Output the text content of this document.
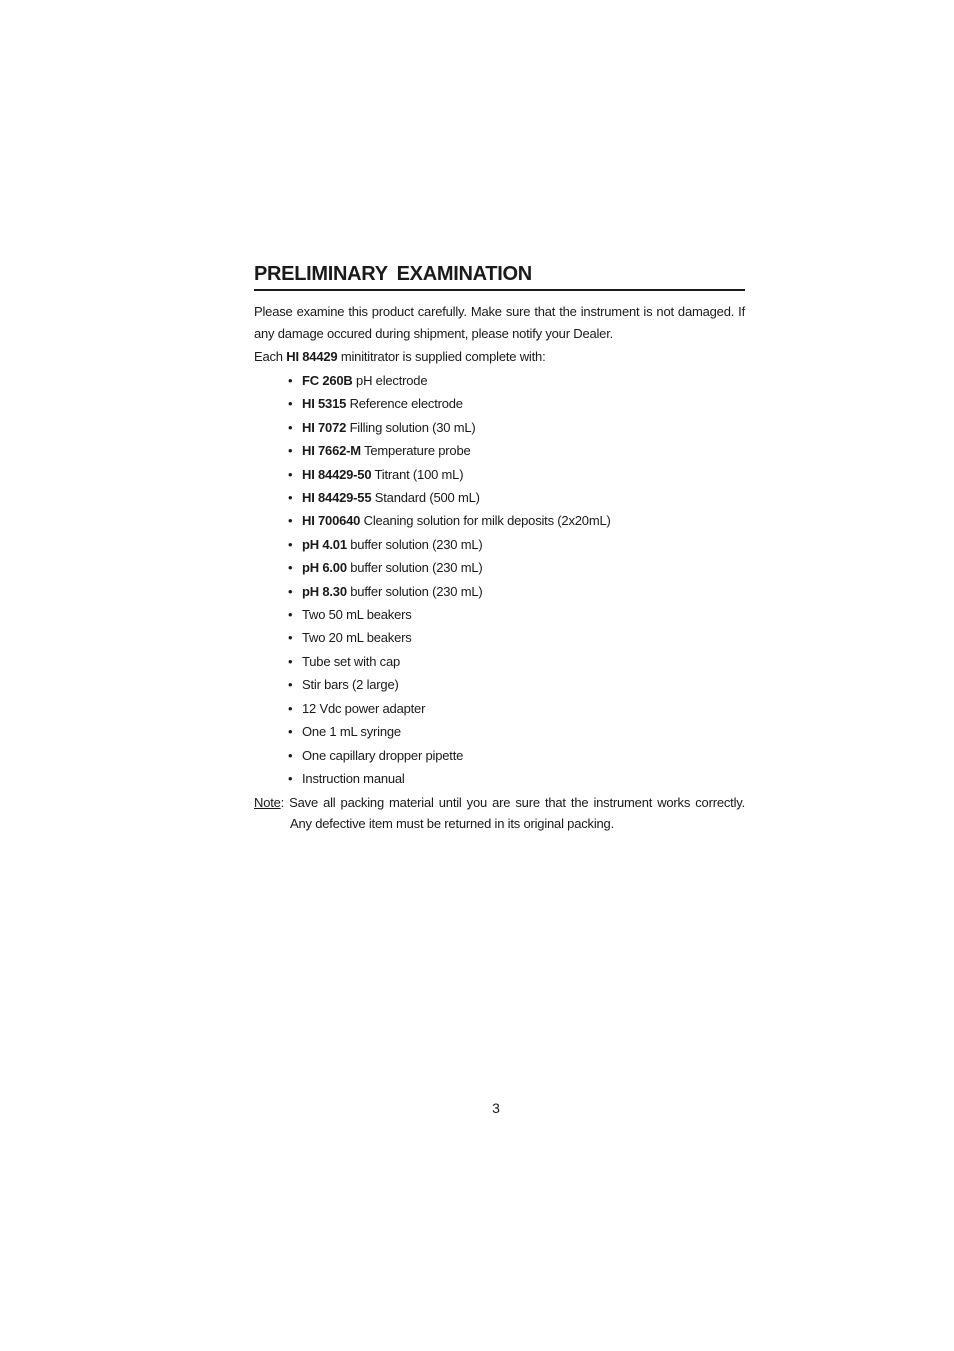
PRELIMINARY EXAMINATION
Please examine this product carefully. Make sure that the instrument is not damaged. If any damage occured during shipment, please notify your Dealer.
Each HI 84429 minititrator is supplied complete with:
• FC 260B pH electrode
• HI 5315 Reference electrode
• HI 7072 Filling solution (30 mL)
• HI 7662-M Temperature probe
• HI 84429-50 Titrant (100 mL)
• HI 84429-55 Standard (500 mL)
• HI 700640 Cleaning solution for milk deposits (2x20mL)
• pH 4.01 buffer solution (230 mL)
• pH 6.00 buffer solution (230 mL)
• pH 8.30 buffer solution (230 mL)
• Two 50 mL beakers
• Two 20 mL beakers
• Tube set with cap
• Stir bars (2 large)
• 12 Vdc power adapter
• One 1 mL syringe
• One capillary dropper pipette
• Instruction manual
Note: Save all packing material until you are sure that the instrument works correctly.
Any defective item must be returned in its original packing.
3
